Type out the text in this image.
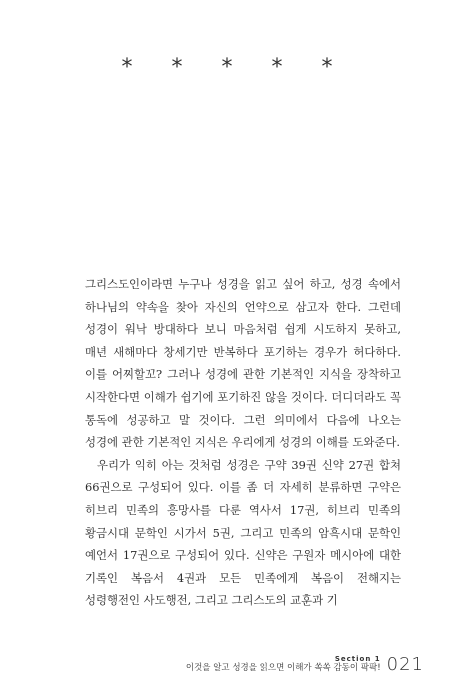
* * * * *

그리스도인이라면 누구나 성경을 읽고 싶어 하고, 성경 속에서 하나님의 약속을 찾아 자신의 언약으로 삼고자 한다. 그런데 성경이 워낙 방대하다 보니 마음처럼 쉽게 시도하지 못하고, 매년 새해마다 창세기만 반복하다 포기하는 경우가 허다하다. 이를 어찌할꼬? 그러나 성경에 관한 기본적인 지식을 장착하고 시작한다면 이해가 쉽기에 포기하진 않을 것이다. 더디더라도 꼭 통독에 성공하고 말 것이다. 그런 의미에서 다음에 나오는 성경에 관한 기본적인 지식은 우리에게 성경의 이해를 도와준다.

우리가 익히 아는 것처럼 성경은 구약 39권 신약 27권 합쳐 66권으로 구성되어 있다. 이를 좀 더 자세히 분류하면 구약은 히브리 민족의 흥망사를 다룬 역사서 17권, 히브리 민족의 황금시대 문학인 시가서 5권, 그리고 민족의 암흑시대 문학인 예언서 17권으로 구성되어 있다. 신약은 구원자 메시아에 대한 기록인 복음서 4권과 모든 민족에게 복음이 전해지는 성령행전인 사도행전, 그리고 그리스도의 교훈과 기

Section 1
이것을 알고 성경을 읽으면 이해가 쏙쏙 감동이 팍팍! 021
